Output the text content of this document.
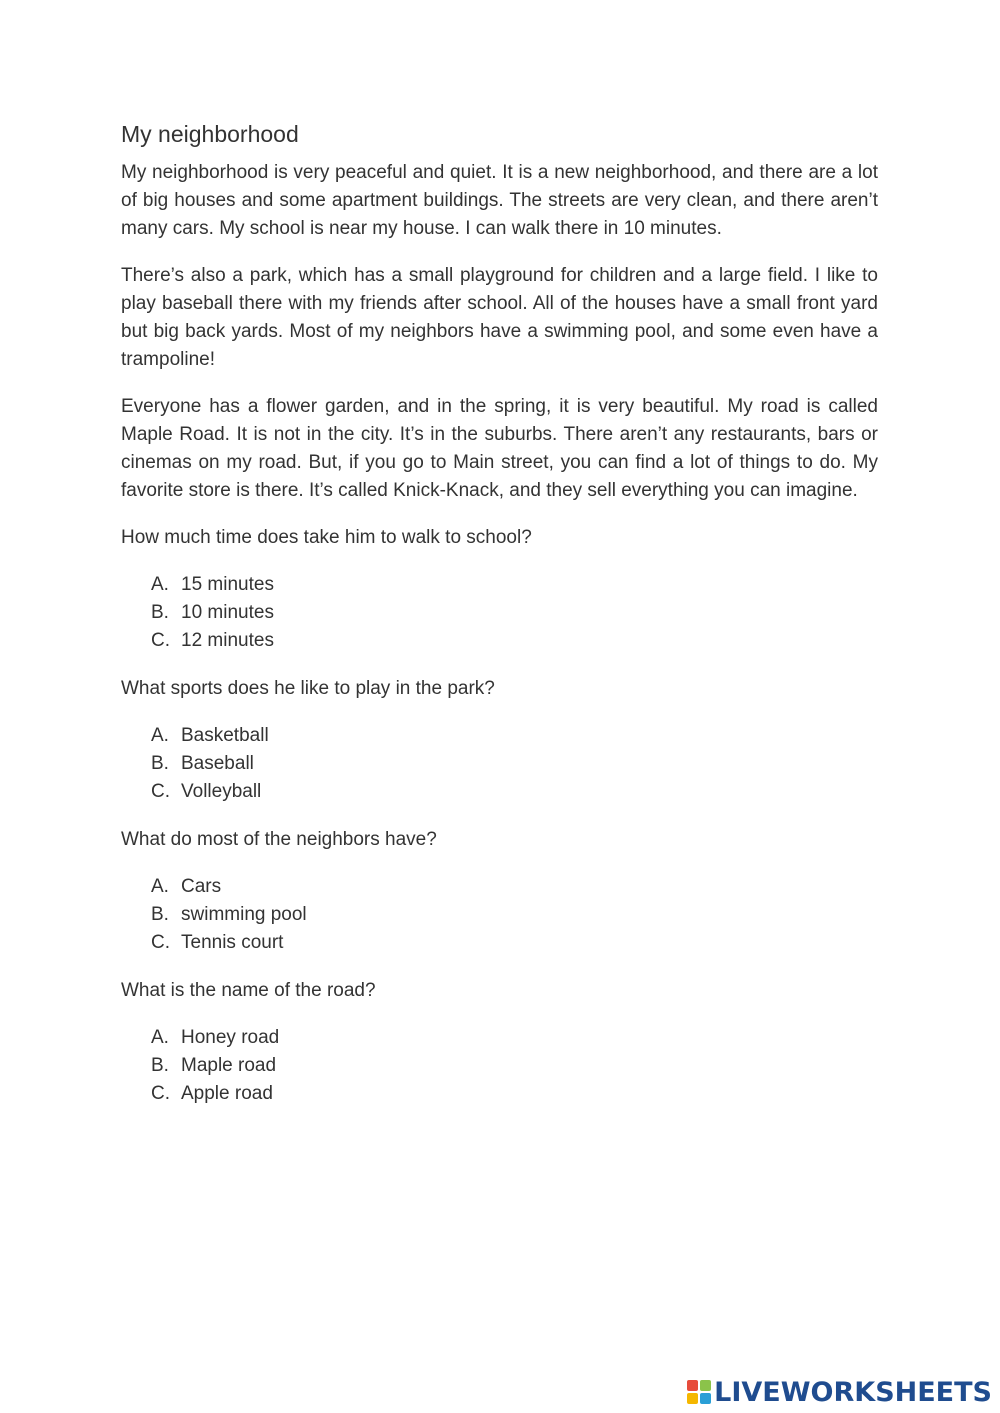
My neighborhood

My neighborhood is very peaceful and quiet. It is a new neighborhood, and there are a lot of big houses and some apartment buildings. The streets are very clean, and there aren’t many cars. My school is near my house. I can walk there in 10 minutes.

There’s also a park, which has a small playground for children and a large field. I like to play baseball there with my friends after school. All of the houses have a small front yard but big back yards. Most of my neighbors have a swimming pool, and some even have a trampoline!

Everyone has a flower garden, and in the spring, it is very beautiful. My road is called Maple Road. It is not in the city. It’s in the suburbs. There aren’t any restaurants, bars or cinemas on my road. But, if you go to Main street, you can find a lot of things to do. My favorite store is there. It’s called Knick-Knack, and they sell everything you can imagine.

How much time does take him to walk to school?

A. 15 minutes
B. 10 minutes
C. 12 minutes

What sports does he like to play in the park?

A. Basketball
B. Baseball
C. Volleyball

What do most of the neighbors have?

A. Cars
B. swimming pool
C. Tennis court

What is the name of the road?

A. Honey road
B. Maple road
C. Apple road
LIVEWORKSHEETS
